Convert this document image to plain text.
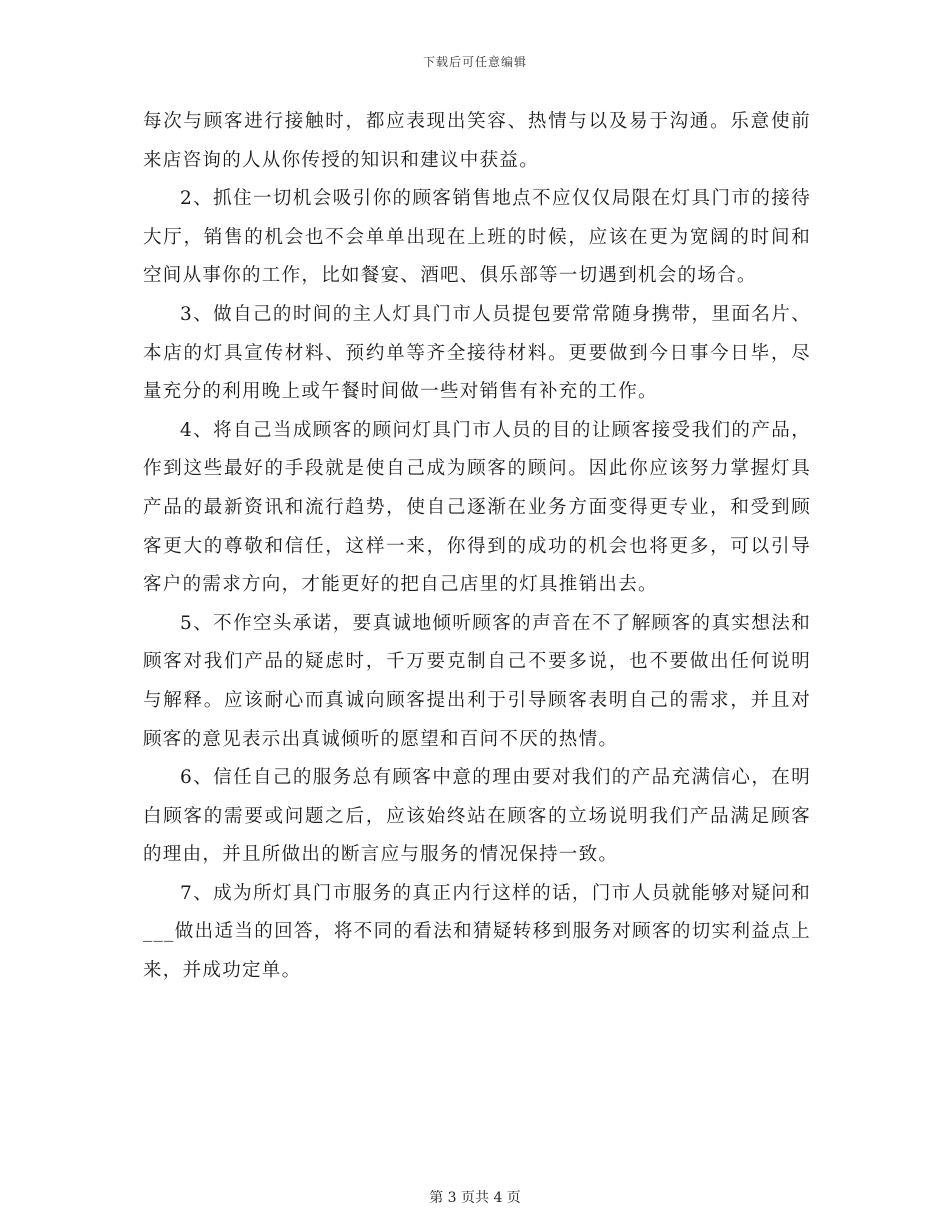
下载后可任意编辑

每次与顾客进行接触时，都应表现出笑容、热情与以及易于沟通。乐意使前来店咨询的人从你传授的知识和建议中获益。

2、抓住一切机会吸引你的顾客销售地点不应仅仅局限在灯具门市的接待大厅，销售的机会也不会单单出现在上班的时候，应该在更为宽阔的时间和空间从事你的工作，比如餐宴、酒吧、俱乐部等一切遇到机会的场合。

3、做自己的时间的主人灯具门市人员提包要常常随身携带，里面名片、本店的灯具宣传材料、预约单等齐全接待材料。更要做到今日事今日毕，尽量充分的利用晚上或午餐时间做一些对销售有补充的工作。

4、将自己当成顾客的顾问灯具门市人员的目的让顾客接受我们的产品，作到这些最好的手段就是使自己成为顾客的顾问。因此你应该努力掌握灯具产品的最新资讯和流行趋势，使自己逐渐在业务方面变得更专业，和受到顾客更大的尊敬和信任，这样一来，你得到的成功的机会也将更多，可以引导客户的需求方向，才能更好的把自己店里的灯具推销出去。

5、不作空头承诺，要真诚地倾听顾客的声音在不了解顾客的真实想法和顾客对我们产品的疑虑时，千万要克制自己不要多说，也不要做出任何说明与解释。应该耐心而真诚向顾客提出利于引导顾客表明自己的需求，并且对顾客的意见表示出真诚倾听的愿望和百问不厌的热情。

6、信任自己的服务总有顾客中意的理由要对我们的产品充满信心，在明白顾客的需要或问题之后，应该始终站在顾客的立场说明我们产品满足顾客的理由，并且所做出的断言应与服务的情况保持一致。

7、成为所灯具门市服务的真正内行这样的话，门市人员就能够对疑问和___做出适当的回答，将不同的看法和猜疑转移到服务对顾客的切实利益点上来，并成功定单。

第 3 页共 4 页
